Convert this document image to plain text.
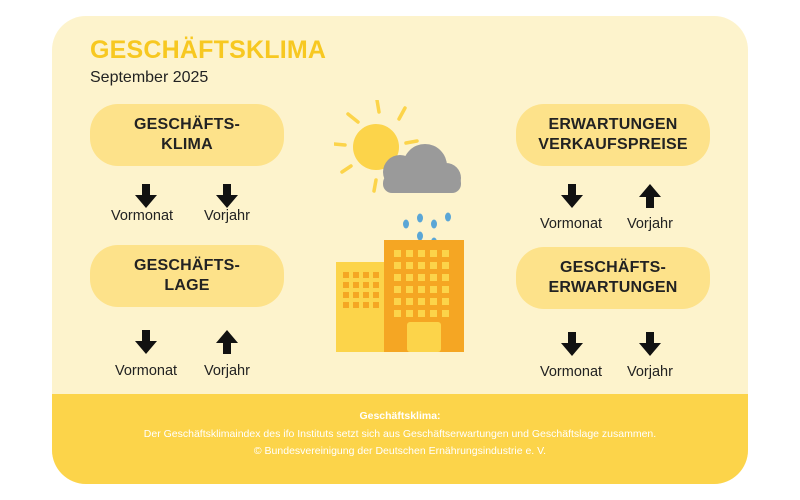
GESCHÄFTSKLIMA
September 2025
GESCHÄFTS-
KLIMA
Vormonat Vorjahr
GESCHÄFTS-
LAGE
Vormonat Vorjahr
ERWARTUNGEN
VERKAUFSPREISE
Vormonat Vorjahr
GESCHÄFTS-
ERWARTUNGEN
Vormonat Vorjahr
Geschäftsklima:
Der Geschäftsklimaindex des ifo Instituts setzt sich aus Geschäftserwartungen und Geschäftslage zusammen.
© Bundesvereinigung der Deutschen Ernährungsindustrie e. V.
